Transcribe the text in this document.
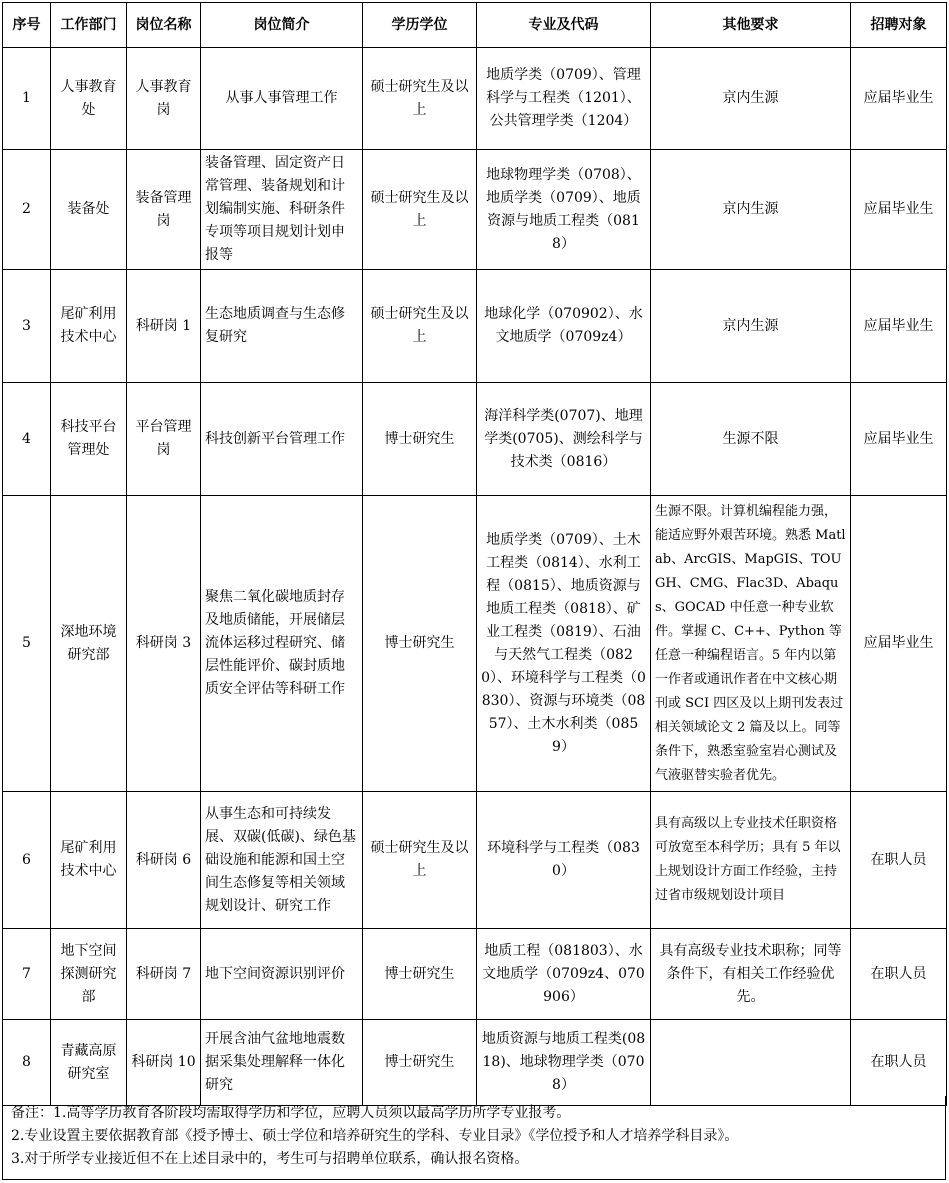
序号	工作部门	岗位名称	岗位简介	学历学位	专业及代码	其他要求	招聘对象
1	人事教育处	人事教育岗	从事人事管理工作	硕士研究生及以上	地质学类（0709）、管理科学与工程类（1201）、公共管理学类（1204）	京内生源	应届毕业生
2	装备处	装备管理岗	装备管理、固定资产日常管理、装备规划和计划编制实施、科研条件专项等项目规划计划申报等	硕士研究生及以上	地球物理学类（0708）、地质学类（0709）、地质资源与地质工程类（0818）	京内生源	应届毕业生
3	尾矿利用技术中心	科研岗 1	生态地质调查与生态修复研究	硕士研究生及以上	地球化学（070902）、水文地质学（0709z4）	京内生源	应届毕业生
4	科技平台管理处	平台管理岗	科技创新平台管理工作	博士研究生	海洋科学类(0707)、地理学类(0705)、测绘科学与技术类（0816）	生源不限	应届毕业生
5	深地环境研究部	科研岗 3	聚焦二氧化碳地质封存及地质储能，开展储层流体运移过程研究、储层性能评价、碳封质地质安全评估等科研工作	博士研究生	地质学类（0709）、土木工程类（0814）、水利工程（0815）、地质资源与地质工程类（0818）、矿业工程类（0819）、石油与天然气工程类（0820）、环境科学与工程类（0830）、资源与环境类（0857）、土木水利类（0859）	生源不限。计算机编程能力强，能适应野外艰苦环境。熟悉 Matlab、ArcGIS、MapGIS、TOUGH、CMG、Flac3D、Abaqus、GOCAD 中任意一种专业软件。掌握 C、C++、Python 等任意一种编程语言。5 年内以第一作者或通讯作者在中文核心期刊或 SCI 四区及以上期刊发表过相关领域论文 2 篇及以上。同等条件下，熟悉室验室岩心测试及气液驱替实验者优先。	应届毕业生
6	尾矿利用技术中心	科研岗 6	从事生态和可持续发展、双碳(低碳)、绿色基础设施和能源和国土空间生态修复等相关领域规划设计、研究工作	硕士研究生及以上	环境科学与工程类（0830）	具有高级以上专业技术任职资格可放宽至本科学历；具有 5 年以上规划设计方面工作经验，主持过省市级规划设计项目	在职人员
7	地下空间探测研究部	科研岗 7	地下空间资源识别评价	博士研究生	地质工程（081803）、水文地质学（0709z4、070906）	具有高级专业技术职称；同等条件下，有相关工作经验优先。	在职人员
8	青藏高原研究室	科研岗 10	开展含油气盆地地震数据采集处理解释一体化研究	博士研究生	地质资源与地质工程类(0818)、地球物理学类（0708）		在职人员

备注：1.高等学历教育各阶段均需取得学历和学位，应聘人员须以最高学历所学专业报考。

2.专业设置主要依据教育部《授予博士、硕士学位和培养研究生的学科、专业目录》《学位授予和人才培养学科目录》。

3.对于所学专业接近但不在上述目录中的，考生可与招聘单位联系，确认报名资格。
